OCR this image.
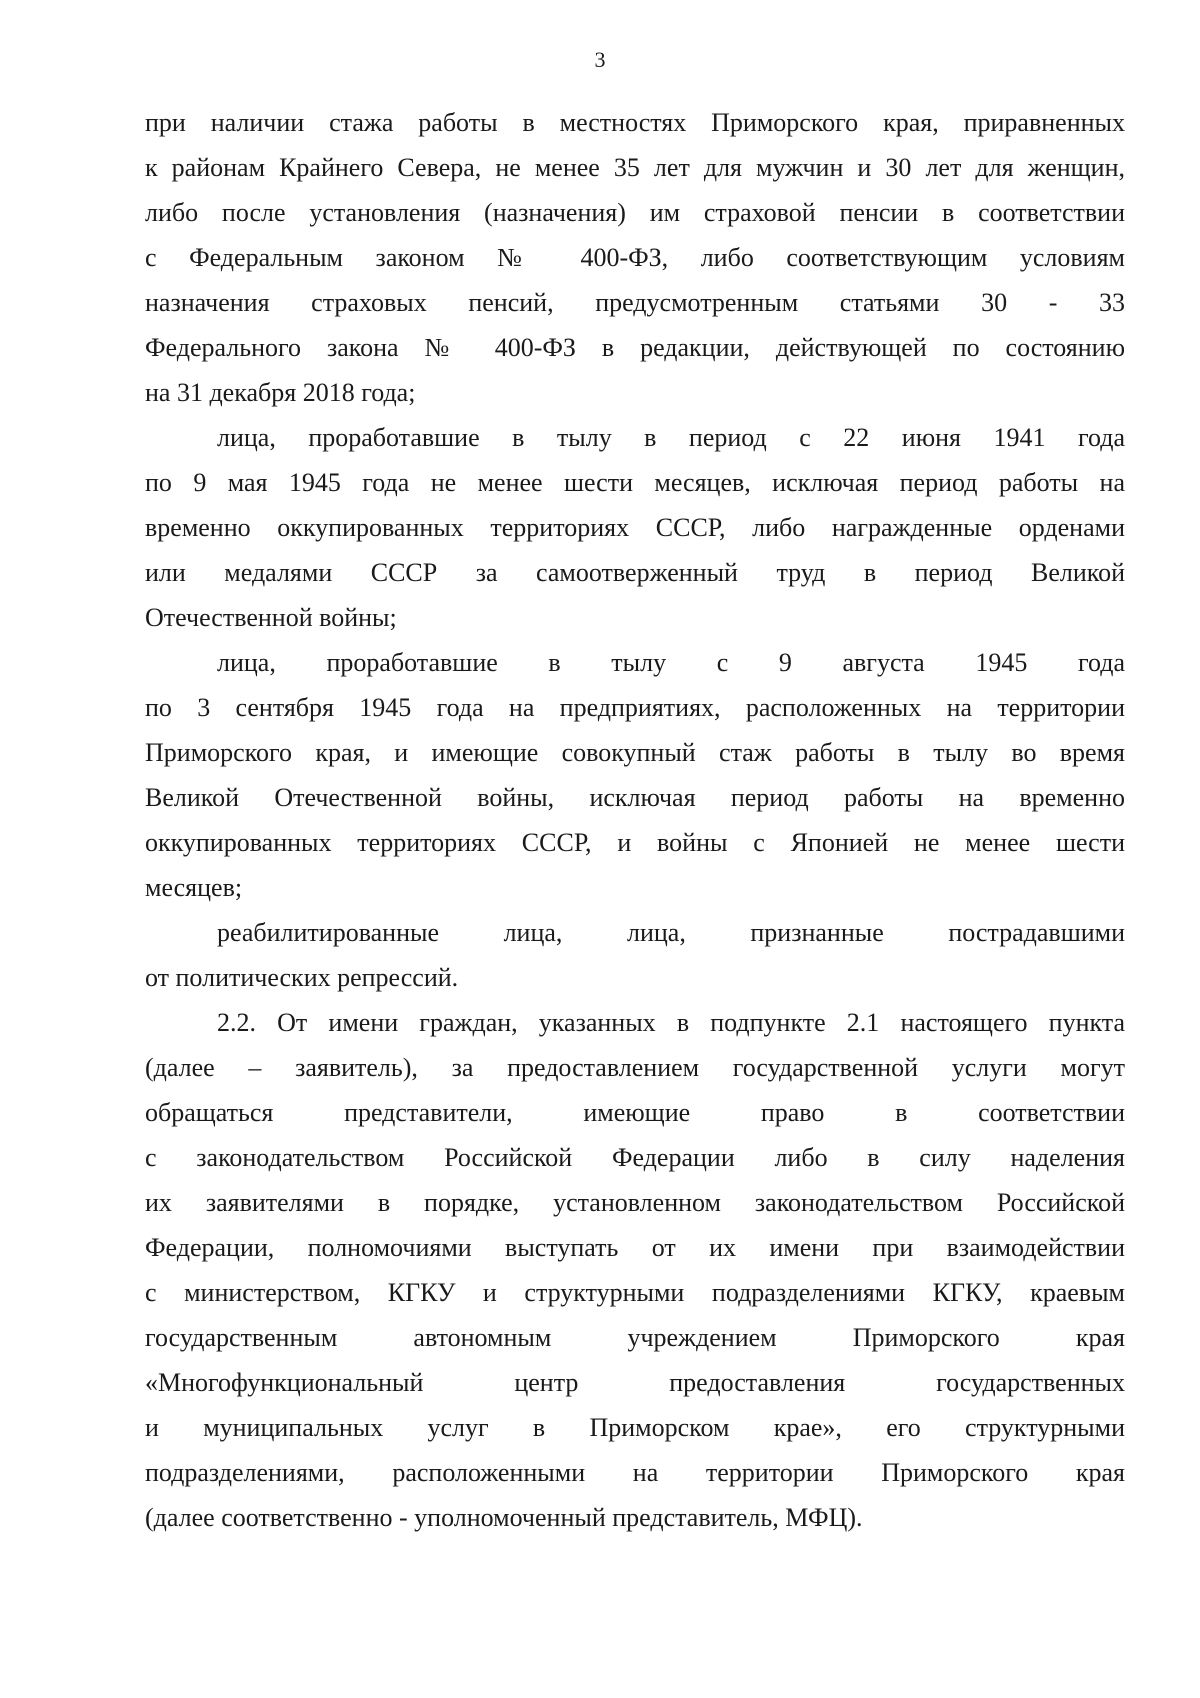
3
при наличии стажа работы в местностях Приморского края, приравненных
к районам Крайнего Севера, не менее 35 лет для мужчин и 30 лет для женщин,
либо после установления (назначения) им страховой пенсии в соответствии
с Федеральным законом № 400-ФЗ, либо соответствующим условиям
назначения страховых пенсий, предусмотренным статьями 30 - 33
Федерального закона № 400-ФЗ в редакции, действующей по состоянию
на 31 декабря 2018 года;
лица, проработавшие в тылу в период с 22 июня 1941 года
по 9 мая 1945 года не менее шести месяцев, исключая период работы на
временно оккупированных территориях СССР, либо награжденные орденами
или медалями СССР за самоотверженный труд в период Великой
Отечественной войны;
лица, проработавшие в тылу с 9 августа 1945 года
по 3 сентября 1945 года на предприятиях, расположенных на территории
Приморского края, и имеющие совокупный стаж работы в тылу во время
Великой Отечественной войны, исключая период работы на временно
оккупированных территориях СССР, и войны с Японией не менее шести
месяцев;
реабилитированные лица, лица, признанные пострадавшими
от политических репрессий.
2.2. От имени граждан, указанных в подпункте 2.1 настоящего пункта
(далее – заявитель), за предоставлением государственной услуги могут
обращаться представители, имеющие право в соответствии
с законодательством Российской Федерации либо в силу наделения
их заявителями в порядке, установленном законодательством Российской
Федерации, полномочиями выступать от их имени при взаимодействии
с министерством, КГКУ и структурными подразделениями КГКУ, краевым
государственным автономным учреждением Приморского края
«Многофункциональный центр предоставления государственных
и муниципальных услуг в Приморском крае», его структурными
подразделениями, расположенными на территории Приморского края
(далее соответственно - уполномоченный представитель, МФЦ).
